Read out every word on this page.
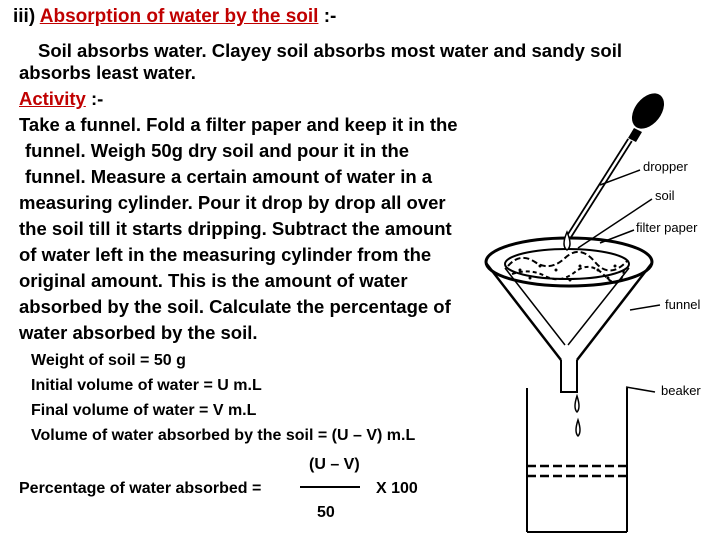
iii) Absorption of water by the soil :-
Soil absorbs water. Clayey soil absorbs most water and sandy soil
absorbs least water.
Activity :-
Take a funnel. Fold a filter paper and keep it in the
funnel. Weigh 50g dry soil and pour it in the
funnel. Measure a certain amount of water in a
measuring cylinder. Pour it drop by drop all over
the soil till it starts dripping. Subtract the amount
of water left in the measuring cylinder from the
original amount. This is the amount of water
absorbed by the soil. Calculate the percentage of
water absorbed by the soil.
Weight of soil = 50 g
Initial volume of water = U m.L
Final volume of water = V m.L
Volume of water absorbed by the soil = (U – V) m.L
(U – V)
Percentage of water absorbed =	X 100
50
dropper
soil
filter paper
funnel
beaker
